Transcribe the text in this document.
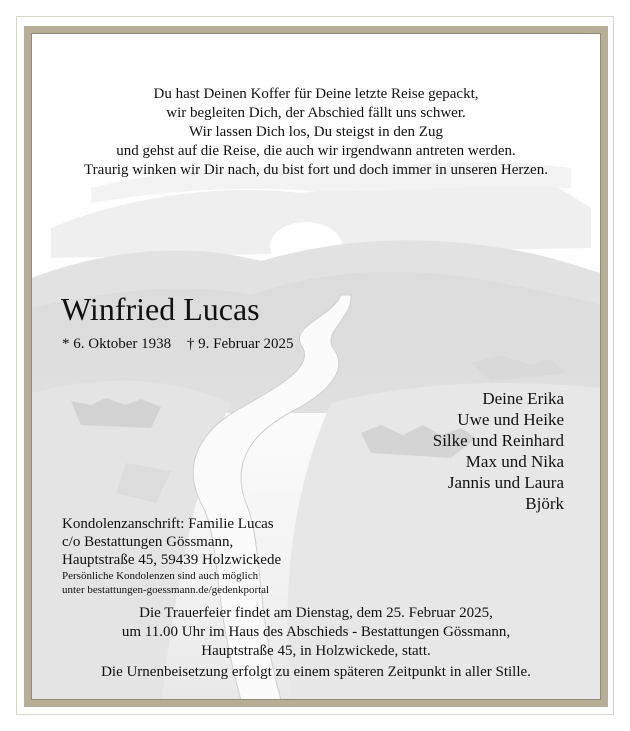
Du hast Deinen Koffer für Deine letzte Reise gepackt,
wir begleiten Dich, der Abschied fällt uns schwer.
Wir lassen Dich los, Du steigst in den Zug
und gehst auf die Reise, die auch wir irgendwann antreten werden.
Traurig winken wir Dir nach, du bist fort und doch immer in unseren Herzen.
Winfried Lucas
* 6. Oktober 1938 † 9. Februar 2025
Deine Erika
Uwe und Heike
Silke und Reinhard
Max und Nika
Jannis und Laura
Björk
Kondolenzanschrift: Familie Lucas
c/o Bestattungen Gössmann,
Hauptstraße 45, 59439 Holzwickede
Persönliche Kondolenzen sind auch möglich
unter bestattungen-goessmann.de/gedenkportal
Die Trauerfeier findet am Dienstag, dem 25. Februar 2025,
um 11.00 Uhr im Haus des Abschieds - Bestattungen Gössmann,
Hauptstraße 45, in Holzwickede, statt.
Die Urnenbeisetzung erfolgt zu einem späteren Zeitpunkt in aller Stille.
